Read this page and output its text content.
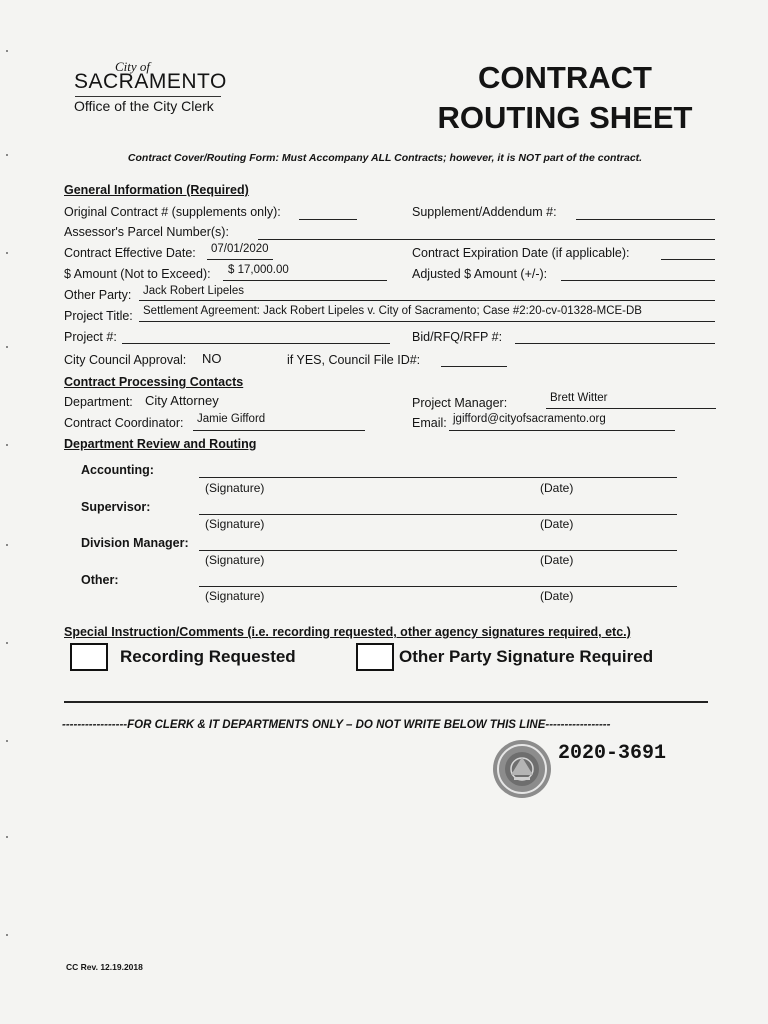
City of
SACRAMENTO
Office of the City Clerk
CONTRACT
ROUTING SHEET
Contract Cover/Routing Form: Must Accompany ALL Contracts; however, it is NOT part of the contract.
General Information (Required)
Original Contract # (supplements only):	Supplement/Addendum #:
Assessor's Parcel Number(s):
Contract Effective Date: 07/01/2020	Contract Expiration Date (if applicable):
$ Amount (Not to Exceed): $ 17,000.00	Adjusted $ Amount (+/-):
Other Party: Jack Robert Lipeles
Project Title: Settlement Agreement: Jack Robert Lipeles v. City of Sacramento; Case #2:20-cv-01328-MCE-DB
Project #:	Bid/RFQ/RFP #:
City Council Approval: NO	if YES, Council File ID#:
Contract Processing Contacts
Department: City Attorney	Project Manager:	Brett Witter
Contract Coordinator: Jamie Gifford	Email: jgifford@cityofsacramento.org
Department Review and Routing
Accounting:
(Signature)	(Date)
Supervisor:
(Signature)	(Date)
Division Manager:
(Signature)	(Date)
Other:
(Signature)	(Date)
Special Instruction/Comments (i.e. recording requested, other agency signatures required, etc.)
Recording Requested	Other Party Signature Required
-----------------FOR CLERK & IT DEPARTMENTS ONLY – DO NOT WRITE BELOW THIS LINE-----------------
2020-3691
CC Rev. 12.19.2018
